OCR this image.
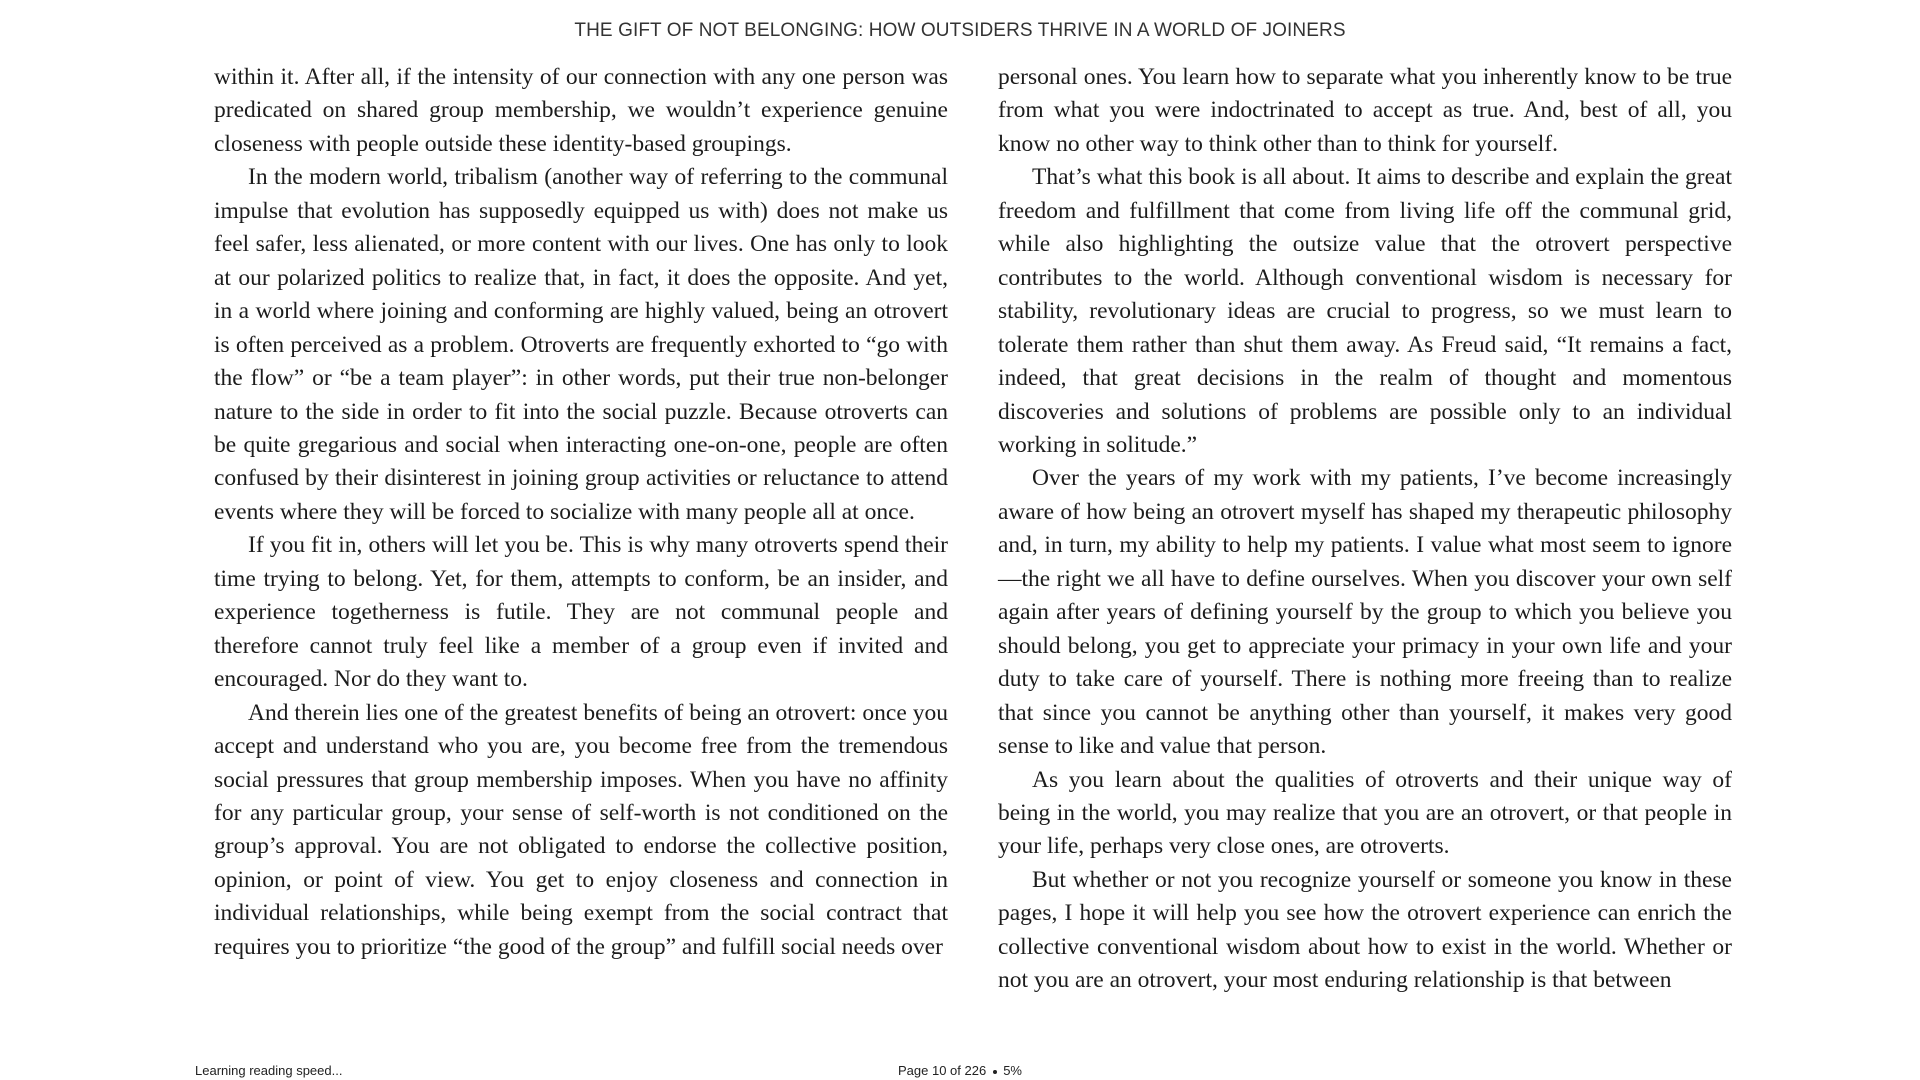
THE GIFT OF NOT BELONGING: HOW OUTSIDERS THRIVE IN A WORLD OF JOINERS

within it. After all, if the intensity of our connection with any one person was predicated on shared group membership, we wouldn’t experience genuine closeness with people outside these identity-based groupings.

In the modern world, tribalism (another way of referring to the communal impulse that evolution has supposedly equipped us with) does not make us feel safer, less alienated, or more content with our lives. One has only to look at our polarized politics to realize that, in fact, it does the opposite. And yet, in a world where joining and conforming are highly valued, being an otrovert is often perceived as a problem. Otroverts are frequently exhorted to “go with the flow” or “be a team player”: in other words, put their true non-belonger nature to the side in order to fit into the social puzzle. Because otroverts can be quite gregarious and social when interacting one-on-one, people are often confused by their disinterest in joining group activities or reluctance to attend events where they will be forced to socialize with many people all at once.

If you fit in, others will let you be. This is why many otroverts spend their time trying to belong. Yet, for them, attempts to conform, be an insider, and experience togetherness is futile. They are not communal people and therefore cannot truly feel like a member of a group even if invited and encouraged. Nor do they want to.

And therein lies one of the greatest benefits of being an otrovert: once you accept and understand who you are, you become free from the tremendous social pressures that group membership imposes. When you have no affinity for any particular group, your sense of self-worth is not conditioned on the group’s approval. You are not obligated to endorse the collective position, opinion, or point of view. You get to enjoy closeness and connection in individual relationships, while being exempt from the social contract that requires you to prioritize “the good of the group” and fulfill social needs over

personal ones. You learn how to separate what you inherently know to be true from what you were indoctrinated to accept as true. And, best of all, you know no other way to think other than to think for yourself.

That’s what this book is all about. It aims to describe and explain the great freedom and fulfillment that come from living life off the communal grid, while also highlighting the outsize value that the otrovert perspective contributes to the world. Although conventional wisdom is necessary for stability, revolutionary ideas are crucial to progress, so we must learn to tolerate them rather than shut them away. As Freud said, “It remains a fact, indeed, that great decisions in the realm of thought and momentous discoveries and solutions of problems are possible only to an individual working in solitude.”

Over the years of my work with my patients, I’ve become increasingly aware of how being an otrovert myself has shaped my therapeutic philosophy and, in turn, my ability to help my patients. I value what most seem to ignore —the right we all have to define ourselves. When you discover your own self again after years of defining yourself by the group to which you believe you should belong, you get to appreciate your primacy in your own life and your duty to take care of yourself. There is nothing more freeing than to realize that since you cannot be anything other than yourself, it makes very good sense to like and value that person.

As you learn about the qualities of otroverts and their unique way of being in the world, you may realize that you are an otrovert, or that people in your life, perhaps very close ones, are otroverts.

But whether or not you recognize yourself or someone you know in these pages, I hope it will help you see how the otrovert experience can enrich the collective conventional wisdom about how to exist in the world. Whether or not you are an otrovert, your most enduring relationship is that between

Learning reading speed...	Page 10 of 226 5%
